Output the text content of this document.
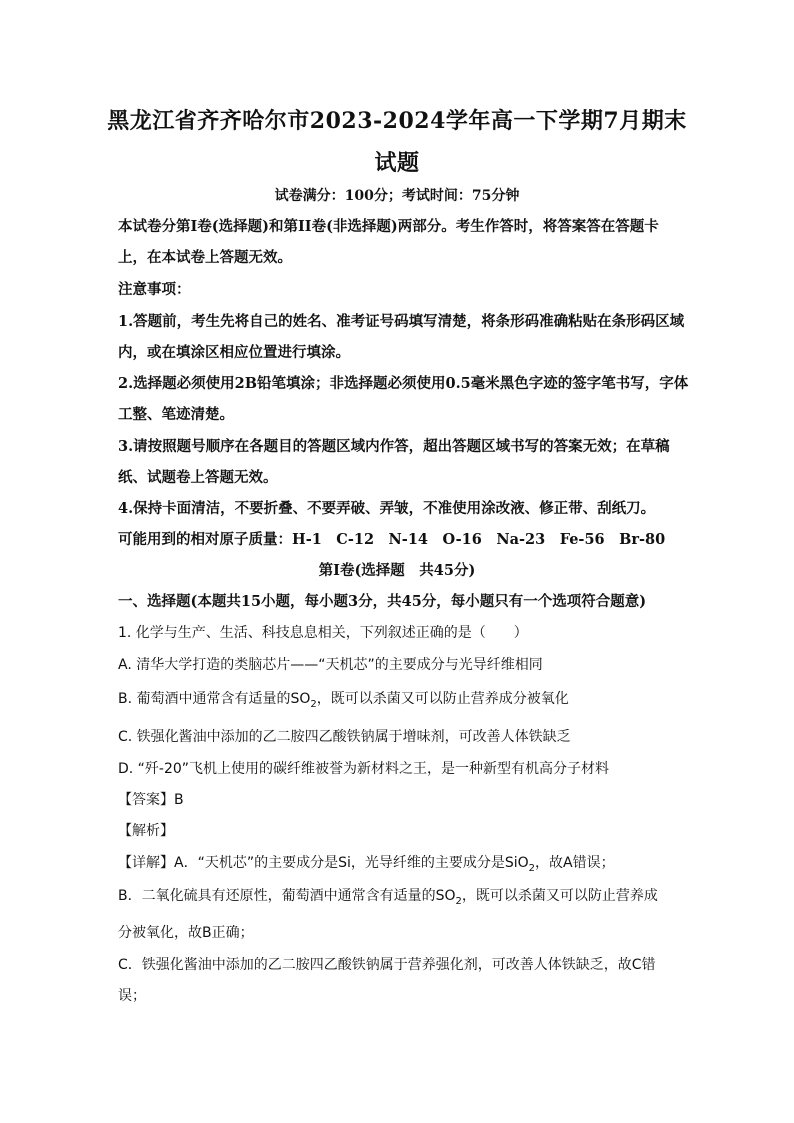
黑龙江省齐齐哈尔市2023-2024学年高一下学期7月期末
试题
试卷满分：100分；考试时间：75分钟
本试卷分第I卷(选择题)和第II卷(非选择题)两部分。考生作答时，将答案答在答题卡
上，在本试卷上答题无效。
注意事项：
1.答题前，考生先将自己的姓名、准考证号码填写清楚，将条形码准确粘贴在条形码区域
内，或在填涂区相应位置进行填涂。
2.选择题必须使用2B铅笔填涂；非选择题必须使用0.5毫米黑色字迹的签字笔书写，字体
工整、笔迹清楚。
3.请按照题号顺序在各题目的答题区域内作答，超出答题区域书写的答案无效；在草稿
纸、试题卷上答题无效。
4.保持卡面清洁，不要折叠、不要弄破、弄皱，不准使用涂改液、修正带、刮纸刀。
可能用到的相对原子质量：H-1　C-12　N-14　O-16　Na-23　Fe-56　Br-80
第I卷(选择题　共45分)
一、选择题(本题共15小题，每小题3分，共45分，每小题只有一个选项符合题意)
1. 化学与生产、生活、科技息息相关，下列叙述正确的是（　　）
A. 清华大学打造的类脑芯片——“天机芯”的主要成分与光导纤维相同
B. 葡萄酒中通常含有适量的$SO_2$，既可以杀菌又可以防止营养成分被氧化
C. 铁强化酱油中添加的乙二胺四乙酸铁钠属于增味剂，可改善人体铁缺乏
D. “歼-20”飞机上使用的碳纤维被誉为新材料之王，是一种新型有机高分子材料
【答案】B
【解析】
【详解】A．“天机芯”的主要成分是Si，光导纤维的主要成分是SiO$_2$，故A错误；
B．二氧化硫具有还原性，葡萄酒中通常含有适量的$SO_2$，既可以杀菌又可以防止营养成
分被氧化，故B正确；
C．铁强化酱油中添加的乙二胺四乙酸铁钠属于营养强化剂，可改善人体铁缺乏，故C错
误；
